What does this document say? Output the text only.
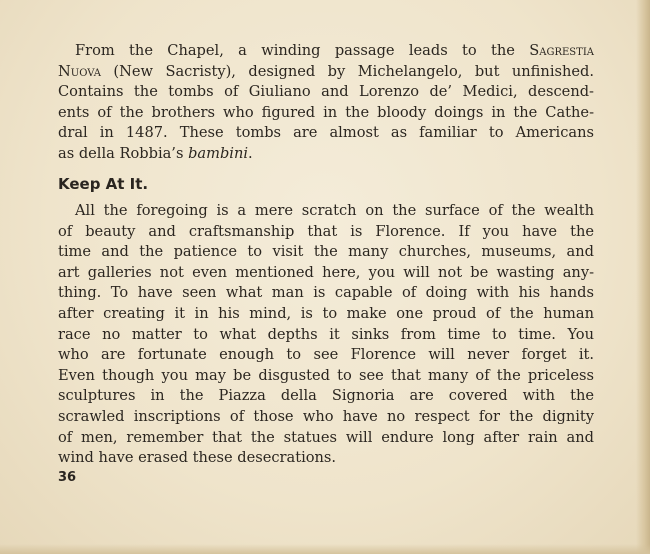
From the Chapel, a winding passage leads to the Sagrestia
Nuova (New Sacristy), designed by Michelangelo, but unfinished.
Contains the tombs of Giuliano and Lorenzo de’ Medici, descend-
ents of the brothers who figured in the bloody doings in the Cathe-
dral in 1487. These tombs are almost as familiar to Americans
as della Robbia’s bambini.
Keep At It.
All the foregoing is a mere scratch on the surface of the wealth
of beauty and craftsmanship that is Florence. If you have the
time and the patience to visit the many churches, museums, and
art galleries not even mentioned here, you will not be wasting any-
thing. To have seen what man is capable of doing with his hands
after creating it in his mind, is to make one proud of the human
race no matter to what depths it sinks from time to time. You
who are fortunate enough to see Florence will never forget it.
Even though you may be disgusted to see that many of the priceless
sculptures in the Piazza della Signoria are covered with the
scrawled inscriptions of those who have no respect for the dignity
of men, remember that the statues will endure long after rain and
wind have erased these desecrations.
36
